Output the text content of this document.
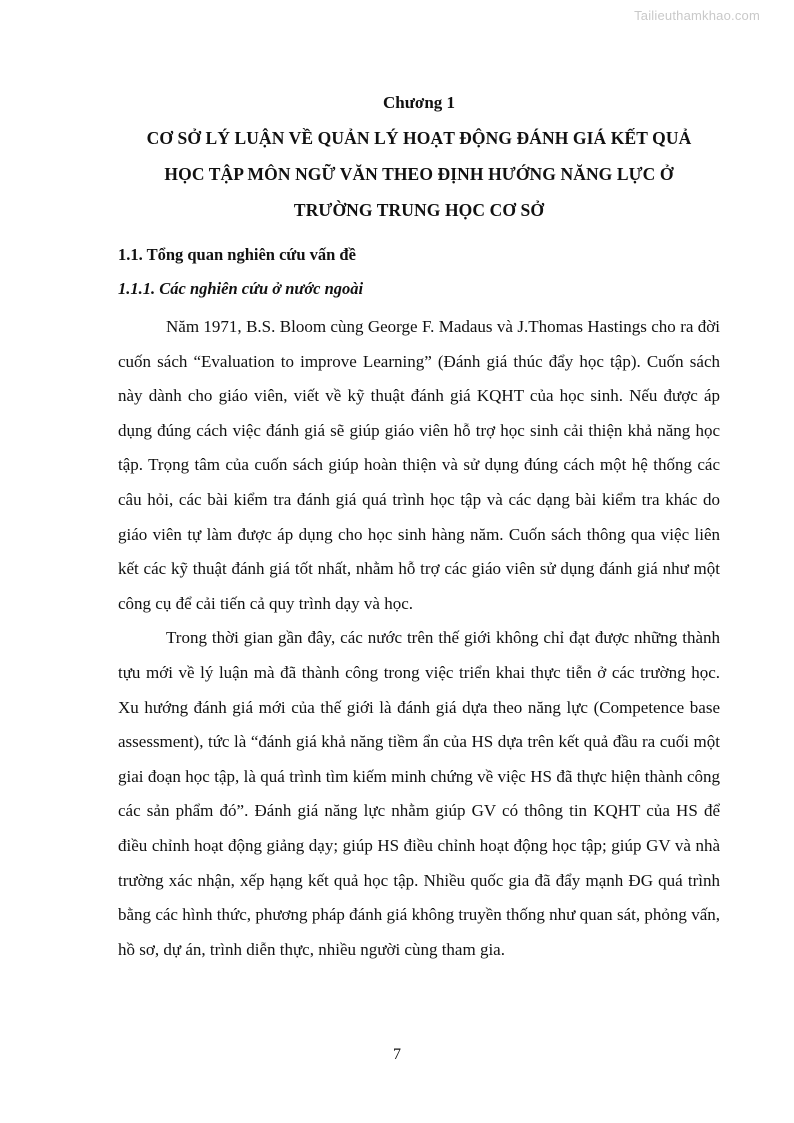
Tailieuthamkhao.com

Chương 1

CƠ SỞ LÝ LUẬN VỀ QUẢN LÝ HOẠT ĐỘNG ĐÁNH GIÁ KẾT QUẢ
HỌC TẬP MÔN NGỮ VĂN THEO ĐỊNH HƯỚNG NĂNG LỰC Ở
TRƯỜNG TRUNG HỌC CƠ SỞ
1.1. Tổng quan nghiên cứu vấn đề
1.1.1. Các nghiên cứu ở nước ngoài

Năm 1971, B.S. Bloom cùng George F. Madaus và J.Thomas Hastings cho ra đời cuốn sách “Evaluation to improve Learning” (Đánh giá thúc đẩy học tập). Cuốn sách này dành cho giáo viên, viết về kỹ thuật đánh giá KQHT của học sinh. Nếu được áp dụng đúng cách việc đánh giá sẽ giúp giáo viên hỗ trợ học sinh cải thiện khả năng học tập. Trọng tâm của cuốn sách giúp hoàn thiện và sử dụng đúng cách một hệ thống các câu hỏi, các bài kiểm tra đánh giá quá trình học tập và các dạng bài kiểm tra khác do giáo viên tự làm được áp dụng cho học sinh hàng năm. Cuốn sách thông qua việc liên kết các kỹ thuật đánh giá tốt nhất, nhằm hỗ trợ các giáo viên sử dụng đánh giá như một công cụ để cải tiến cả quy trình dạy và học.

Trong thời gian gần đây, các nước trên thế giới không chỉ đạt được những thành tựu mới về lý luận mà đã thành công trong việc triển khai thực tiễn ở các trường học. Xu hướng đánh giá mới của thế giới là đánh giá dựa theo năng lực (Competence base assessment), tức là “đánh giá khả năng tiềm ẩn của HS dựa trên kết quả đầu ra cuối một giai đoạn học tập, là quá trình tìm kiếm minh chứng về việc HS đã thực hiện thành công các sản phẩm đó”. Đánh giá năng lực nhằm giúp GV có thông tin KQHT của HS để điều chỉnh hoạt động giảng dạy; giúp HS điều chỉnh hoạt động học tập; giúp GV và nhà trường xác nhận, xếp hạng kết quả học tập. Nhiều quốc gia đã đẩy mạnh ĐG quá trình bằng các hình thức, phương pháp đánh giá không truyền thống như quan sát, phỏng vấn, hồ sơ, dự án, trình diễn thực, nhiều người cùng tham gia.

7
